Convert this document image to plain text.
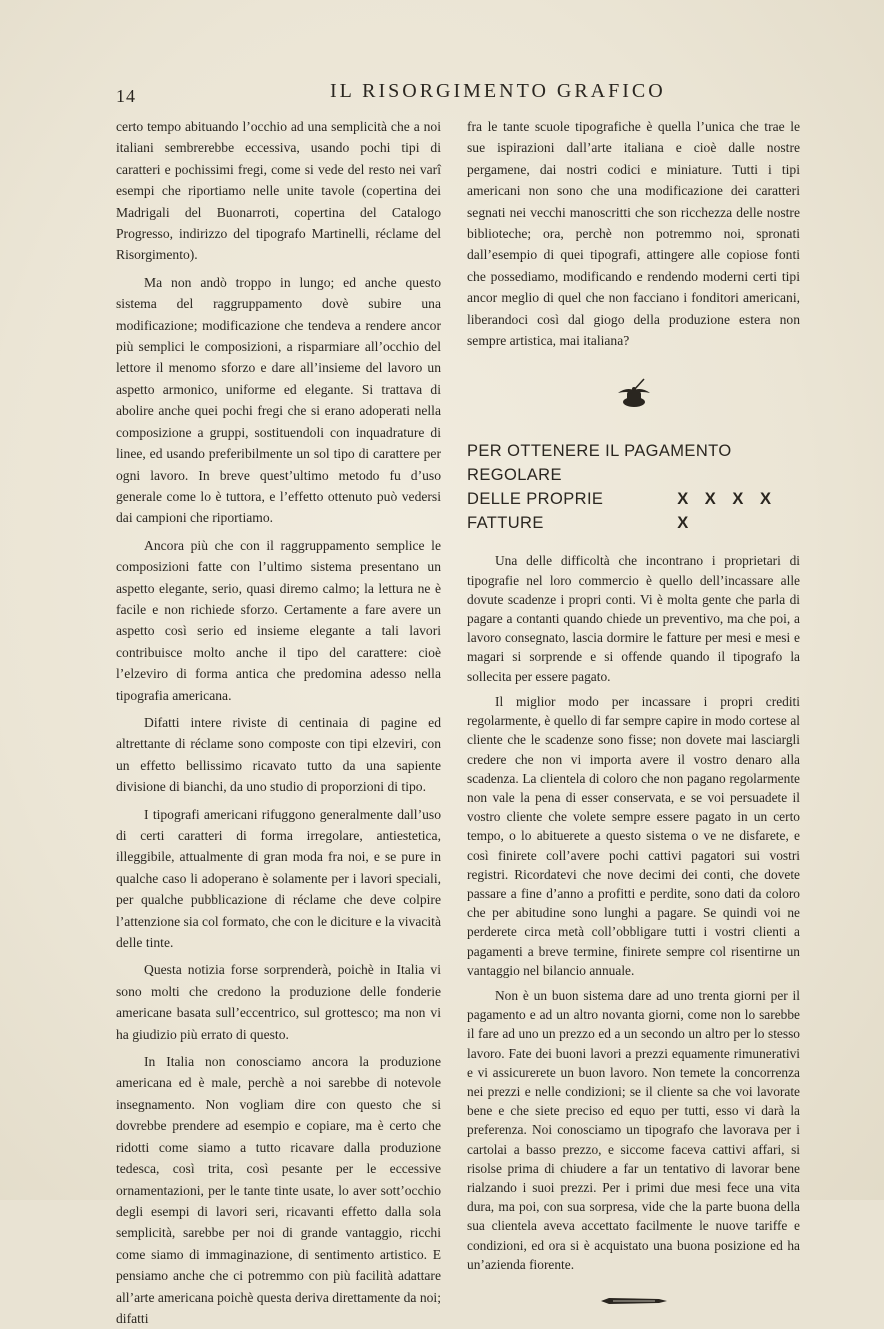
14	IL RISORGIMENTO GRAFICO

certo tempo abituando l’occhio ad una semplicità che a noi italiani sembrerebbe eccessiva, usando pochi tipi di caratteri e pochissimi fregi, come si vede del resto nei varî esempi che riportiamo nelle unite tavole (copertina dei Madrigali del Buonarroti, copertina del Catalogo Progresso, indirizzo del tipografo Martinelli, réclame del Risorgimento).

Ma non andò troppo in lungo; ed anche questo sistema del raggruppamento dovè subire una modificazione; modificazione che tendeva a rendere ancor più semplici le composizioni, a risparmiare all’occhio del lettore il menomo sforzo e dare all’insieme del lavoro un aspetto armonico, uniforme ed elegante. Si trattava di abolire anche quei pochi fregi che si erano adoperati nella composizione a gruppi, sostituendoli con inquadrature di linee, ed usando preferibilmente un sol tipo di carattere per ogni lavoro. In breve quest’ultimo metodo fu d’uso generale come lo è tuttora, e l’effetto ottenuto può vedersi dai campioni che riportiamo.

Ancora più che con il raggruppamento semplice le composizioni fatte con l’ultimo sistema presentano un aspetto elegante, serio, quasi diremo calmo; la lettura ne è facile e non richiede sforzo. Certamente a fare avere un aspetto così serio ed insieme elegante a tali lavori contribuisce molto anche il tipo del carattere: cioè l’elzeviro di forma antica che predomina adesso nella tipografia americana.

Difatti intere riviste di centinaia di pagine ed altrettante di réclame sono composte con tipi elzeviri, con un effetto bellissimo ricavato tutto da una sapiente divisione di bianchi, da uno studio di proporzioni di tipo.

I tipografi americani rifuggono generalmente dall’uso di certi caratteri di forma irregolare, antiestetica, illeggibile, attualmente di gran moda fra noi, e se pure in qualche caso li adoperano è solamente per i lavori speciali, per qualche pubblicazione di réclame che deve colpire l’attenzione sia col formato, che con le diciture e la vivacità delle tinte.

Questa notizia forse sorprenderà, poichè in Italia vi sono molti che credono la produzione delle fonderie americane basata sull’eccentrico, sul grottesco; ma non vi ha giudizio più errato di questo.

In Italia non conosciamo ancora la produzione americana ed è male, perchè a noi sarebbe di notevole insegnamento. Non vogliam dire con questo che si dovrebbe prendere ad esempio e copiare, ma è certo che ridotti come siamo a tutto ricavare dalla produzione tedesca, così trita, così pesante per le eccessive ornamentazioni, per le tante tinte usate, lo aver sott’occhio degli esempi di lavori seri, ricavanti effetto dalla sola semplicità, sarebbe per noi di grande vantaggio, ricchi come siamo di immaginazione, di sentimento artistico. E pensiamo anche che ci potremmo con più facilità adattare all’arte americana poichè questa deriva direttamente da noi; difatti

fra le tante scuole tipografiche è quella l’unica che trae le sue ispirazioni dall’arte italiana e cioè dalle nostre pergamene, dai nostri codici e miniature. Tutti i tipi americani non sono che una modificazione dei caratteri segnati nei vecchi manoscritti che son ricchezza delle nostre biblioteche; ora, perchè non potremmo noi, spronati dall’esempio di quei tipografi, attingere alle copiose fonti che possediamo, modificando e rendendo moderni certi tipi ancor meglio di quel che non facciano i fonditori americani, liberandoci così dal giogo della produzione estera non sempre artistica, mai italiana?

PER OTTENERE IL PAGAMENTO REGOLARE
DELLE PROPRIE FATTURE
X X X X X

Una delle difficoltà che incontrano i proprietari di tipografie nel loro commercio è quello dell’incassare alle dovute scadenze i propri conti. Vi è molta gente che parla di pagare a contanti quando chiede un preventivo, ma che poi, a lavoro consegnato, lascia dormire le fatture per mesi e mesi e magari si sorprende e si offende quando il tipografo la sollecita per essere pagato.

Il miglior modo per incassare i propri crediti regolarmente, è quello di far sempre capire in modo cortese al cliente che le scadenze sono fisse; non dovete mai lasciargli credere che non vi importa avere il vostro denaro alla scadenza. La clientela di coloro che non pagano regolarmente non vale la pena di esser conservata, e se voi persuadete il vostro cliente che volete sempre essere pagato in un certo tempo, o lo abituerete a questo sistema o ve ne disfarete, e così finirete coll’avere pochi cattivi pagatori sui vostri registri. Ricordatevi che nove decimi dei conti, che dovete passare a fine d’anno a profitti e perdite, sono dati da coloro che per abitudine sono lunghi a pagare. Se quindi voi ne perderete circa metà coll’obbligare tutti i vostri clienti a pagamenti a breve termine, finirete sempre col risentirne un vantaggio nel bilancio annuale.

Non è un buon sistema dare ad uno trenta giorni per il pagamento e ad un altro novanta giorni, come non lo sarebbe il fare ad uno un prezzo ed a un secondo un altro per lo stesso lavoro. Fate dei buoni lavori a prezzi equamente rimunerativi e vi assicurerete un buon lavoro. Non temete la concorrenza nei prezzi e nelle condizioni; se il cliente sa che voi lavorate bene e che siete preciso ed equo per tutti, esso vi darà la preferenza. Noi conosciamo un tipografo che lavorava per i cartolai a basso prezzo, e siccome faceva cattivi affari, si risolse prima di chiudere a far un tentativo di lavorar bene rialzando i suoi prezzi. Per i primi due mesi fece una vita dura, ma poi, con sua sorpresa, vide che la parte buona della sua clientela aveva accettato facilmente le nuove tariffe e condizioni, ed ora si è acquistato una buona posizione ed ha un’azienda fiorente.
